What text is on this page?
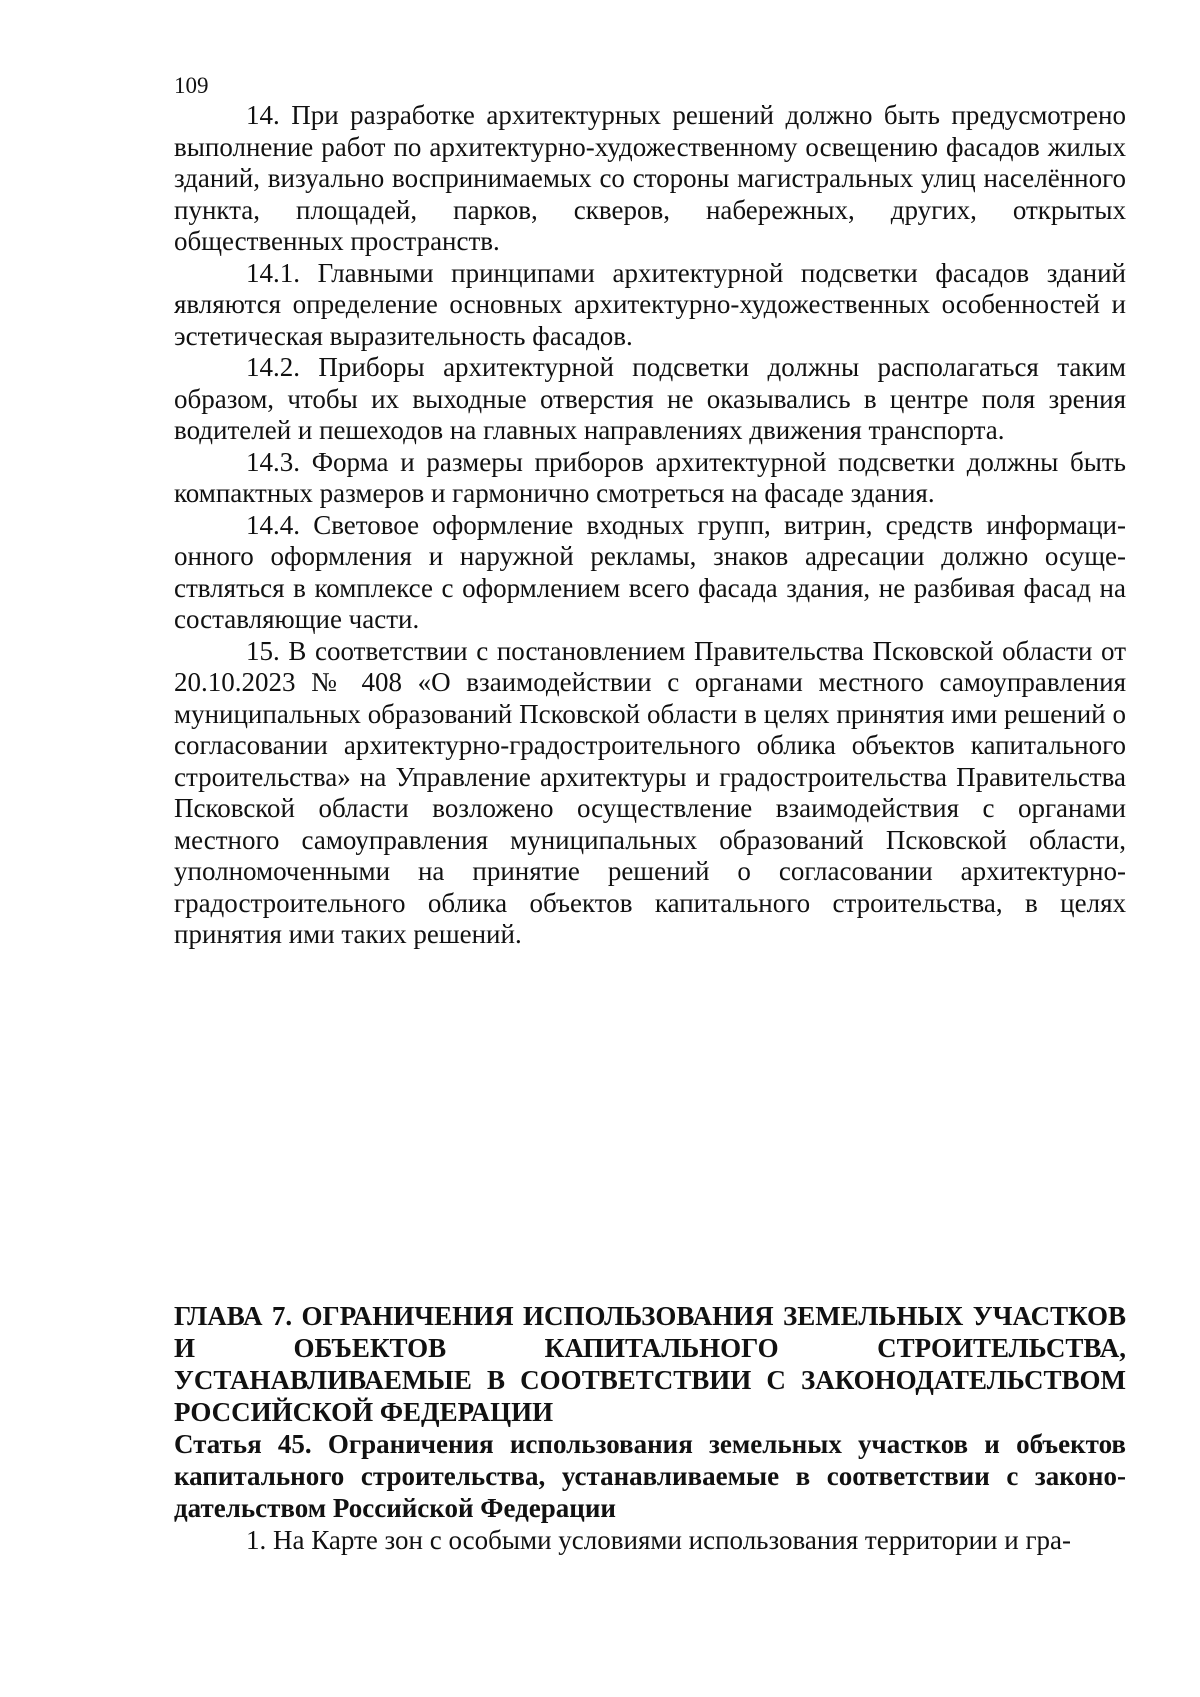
109

14. При разработке архитектурных решений должно быть предусмотрено выполнение работ по архитектурно-художественному освещению фасадов жилых зданий, визуально воспринимаемых со стороны магистральных улиц населённого пункта, площадей, парков, скверов, набережных, других, открытых общественных пространств.

14.1. Главными принципами архитектурной подсветки фасадов зданий являются определение основных архитектурно-художественных особенностей и эстетическая выразительность фасадов.

14.2. Приборы архитектурной подсветки должны располагаться таким образом, чтобы их выходные отверстия не оказывались в центре поля зрения водителей и пешеходов на главных направлениях движения транспорта.

14.3. Форма и размеры приборов архитектурной подсветки должны быть компактных размеров и гармонично смотреться на фасаде здания.

14.4. Световое оформление входных групп, витрин, средств информационного оформления и наружной рекламы, знаков адресации должно осуществляться в комплексе с оформлением всего фасада здания, не разбивая фасад на составляющие части.

15. В соответствии с постановлением Правительства Псковской области от 20.10.2023 № 408 «О взаимодействии с органами местного самоуправления муниципальных образований Псковской области в целях принятия ими решений о согласовании архитектурно-градостроительного облика объектов капитального строительства» на Управление архитектуры и градостроительства Правительства Псковской области возложено осуществление взаимодействия с органами местного самоуправления муниципальных образований Псковской области, уполномоченными на принятие решений о согласовании архитектурно-градостроительного облика объектов капитального строительства, в целях принятия ими таких решений.

ГЛАВА 7. ОГРАНИЧЕНИЯ ИСПОЛЬЗОВАНИЯ ЗЕМЕЛЬНЫХ УЧАСТКОВ И ОБЪЕКТОВ КАПИТАЛЬНОГО СТРОИТЕЛЬСТВА, УСТАНАВЛИВАЕМЫЕ В СООТВЕТСТВИИ С ЗАКОНОДАТЕЛЬСТВОМ РОССИЙСКОЙ ФЕДЕРАЦИИ
Статья 45. Ограничения использования земельных участков и объектов капитального строительства, устанавливаемые в соответствии с законодательством Российской Федерации

1. На Карте зон с особыми условиями использования территории и гра-
